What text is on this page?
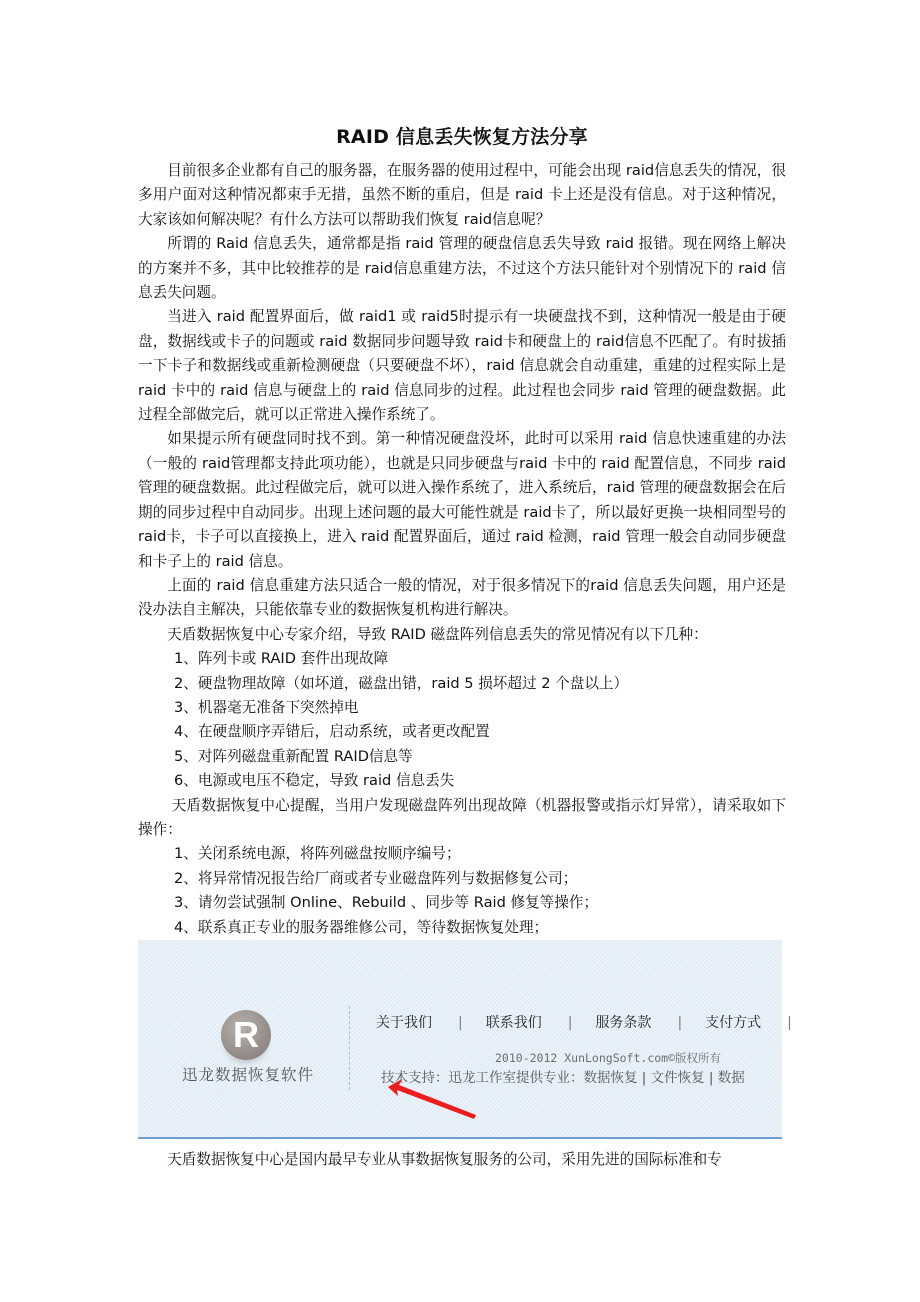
RAID 信息丢失恢复方法分享

目前很多企业都有自己的服务器，在服务器的使用过程中，可能会出现 raid信息丢失的情况，很多用户面对这种情况都束手无措，虽然不断的重启，但是 raid 卡上还是没有信息。对于这种情况，大家该如何解决呢？有什么方法可以帮助我们恢复 raid信息呢？

所谓的 Raid 信息丢失，通常都是指 raid 管理的硬盘信息丢失导致 raid 报错。现在网络上解决的方案并不多，其中比较推荐的是 raid信息重建方法，不过这个方法只能针对个别情况下的 raid 信息丢失问题。

当进入 raid 配置界面后，做 raid1 或 raid5时提示有一块硬盘找不到，这种情况一般是由于硬盘，数据线或卡子的问题或 raid 数据同步问题导致 raid卡和硬盘上的 raid信息不匹配了。有时拔插一下卡子和数据线或重新检测硬盘（只要硬盘不坏），raid 信息就会自动重建，重建的过程实际上是 raid 卡中的 raid 信息与硬盘上的 raid 信息同步的过程。此过程也会同步 raid 管理的硬盘数据。此过程全部做完后，就可以正常进入操作系统了。

如果提示所有硬盘同时找不到。第一种情况硬盘没坏，此时可以采用 raid 信息快速重建的办法（一般的 raid管理都支持此项功能），也就是只同步硬盘与raid 卡中的 raid 配置信息，不同步 raid 管理的硬盘数据。此过程做完后，就可以进入操作系统了，进入系统后，raid 管理的硬盘数据会在后期的同步过程中自动同步。出现上述问题的最大可能性就是 raid卡了，所以最好更换一块相同型号的 raid卡，卡子可以直接换上，进入 raid 配置界面后，通过 raid 检测，raid 管理一般会自动同步硬盘和卡子上的 raid 信息。

上面的 raid 信息重建方法只适合一般的情况，对于很多情况下的raid 信息丢失问题，用户还是没办法自主解决，只能依靠专业的数据恢复机构进行解决。

天盾数据恢复中心专家介绍，导致 RAID 磁盘阵列信息丢失的常见情况有以下几种：

1、阵列卡或 RAID 套件出现故障

2、硬盘物理故障（如坏道，磁盘出错，raid 5 损坏超过 2 个盘以上）

3、机器毫无准备下突然掉电

4、在硬盘顺序弄错后，启动系统，或者更改配置

5、对阵列磁盘重新配置 RAID信息等

6、电源或电压不稳定，导致 raid 信息丢失

天盾数据恢复中心提醒，当用户发现磁盘阵列出现故障（机器报警或指示灯异常），请采取如下操作：

1、关闭系统电源，将阵列磁盘按顺序编号；

2、将异常情况报告给厂商或者专业磁盘阵列与数据修复公司；

3、请勿尝试强制 Online、Rebuild 、同步等 Raid 修复等操作；

4、联系真正专业的服务器维修公司，等待数据恢复处理；

R
迅龙数据恢复软件
关于我们 | 联系我们 | 服务条款 | 支付方式 |
2010-2012 XunLongSoft.com©版权所有
技术支持：迅龙工作室提供专业：数据恢复 | 文件恢复 | 数据
天盾数据恢复中心是国内最早专业从事数据恢复服务的公司，采用先进的国际标准和专
